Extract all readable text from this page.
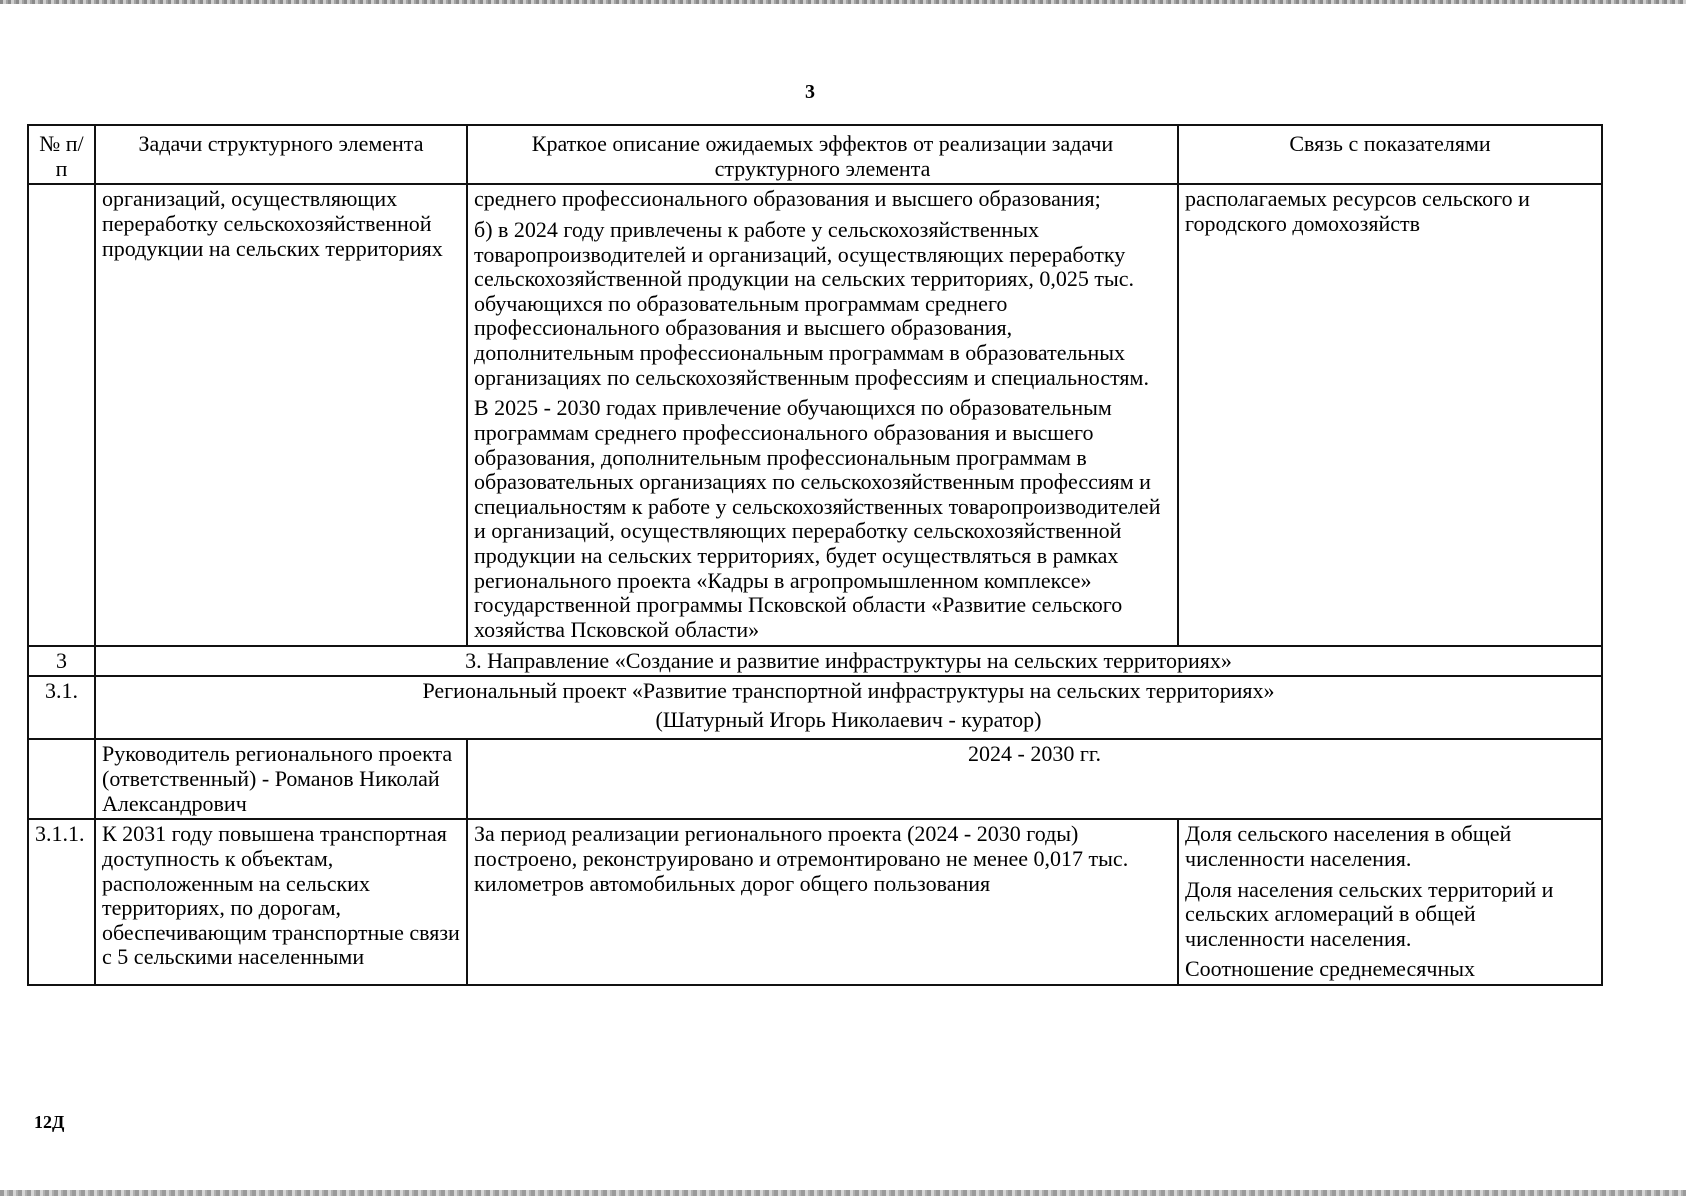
3
№ п/п	Задачи структурного элемента	Краткое описание ожидаемых эффектов от реализации задачи структурного элемента	Связь с показателями
	организаций, осуществляющих переработку сельскохозяйственной продукции на сельских территориях	среднего профессионального образования и высшего образования;

б) в 2024 году привлечены к работе у сельскохозяйственных товаропроизводителей и организаций, осуществляющих переработку сельскохозяйственной продукции на сельских территориях, 0,025 тыс. обучающихся по образовательным программам среднего профессионального образования и высшего образования, дополнительным профессиональным программам в образовательных организациях по сельскохозяйственным профессиям и специальностям.

В 2025 - 2030 годах привлечение обучающихся по образовательным программам среднего профессионального образования и высшего образования, дополнительным профессиональным программам в образовательных организациях по сельскохозяйственным профессиям и специальностям к работе у сельскохозяйственных товаропроизводителей и организаций, осуществляющих переработку сельскохозяйственной продукции на сельских территориях, будет осуществляться в рамках регионального проекта «Кадры в агропромышленном комплексе» государственной программы Псковской области «Развитие сельского хозяйства Псковской области»	располагаемых ресурсов сельского и городского домохозяйств
3	3. Направление «Создание и развитие инфраструктуры на сельских территориях»		
3.1.	Региональный проект «Развитие транспортной инфраструктуры на сельских территориях»
(Шатурный Игорь Николаевич - куратор)		

	Руководитель регионального проекта (ответственный) - Романов Николай Александрович	2024 - 2030 гг.	
3.1.1.	К 2031 году повышена транспортная доступность к объектам, расположенным на сельских территориях, по дорогам, обеспечивающим транспортные связи с 5 сельскими населенными	За период реализации регионального проекта (2024 - 2030 годы) построено, реконструировано и отремонтировано не менее 0,017 тыс. километров автомобильных дорог общего пользования	Доля сельского населения в общей численности населения.

Доля населения сельских территорий и сельских агломераций в общей численности населения.

Соотношение среднемесячных

12Д
